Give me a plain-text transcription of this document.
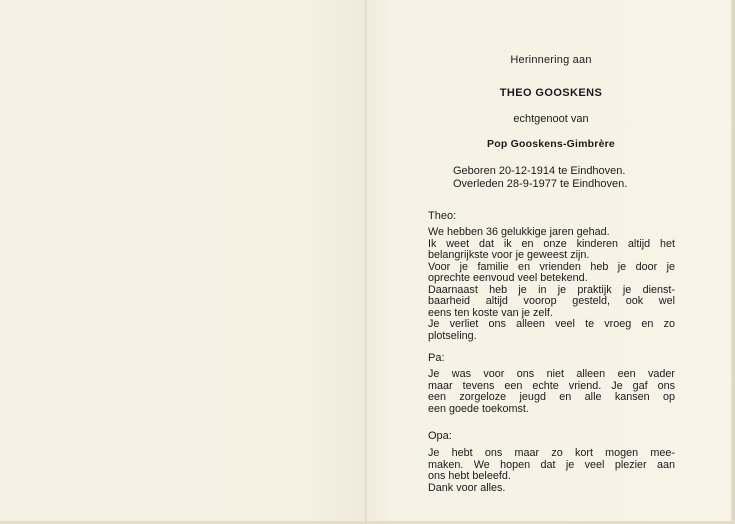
Herinnering aan
THEO GOOSKENS
echtgenoot van
Pop Gooskens-Gimbrère
Geboren 20-12-1914 te Eindhoven.
Overleden 28-9-1977 te Eindhoven.
Theo:
We hebben 36 gelukkige jaren gehad.
Ik weet dat ik en onze kinderen altijd het
belangrijkste voor je geweest zijn.
Voor je familie en vrienden heb je door je
oprechte eenvoud veel betekend.
Daarnaast heb je in je praktijk je dienst-
baarheid altijd voorop gesteld, ook wel
eens ten koste van je zelf.
Je verliet ons alleen veel te vroeg en zo
plotseling.
Pa:
Je was voor ons niet alleen een vader
maar tevens een echte vriend. Je gaf ons
een zorgeloze jeugd en alle kansen op
een goede toekomst.
Opa:
Je hebt ons maar zo kort mogen mee-
maken. We hopen dat je veel plezier aan
ons hebt beleefd.
Dank voor alles.
